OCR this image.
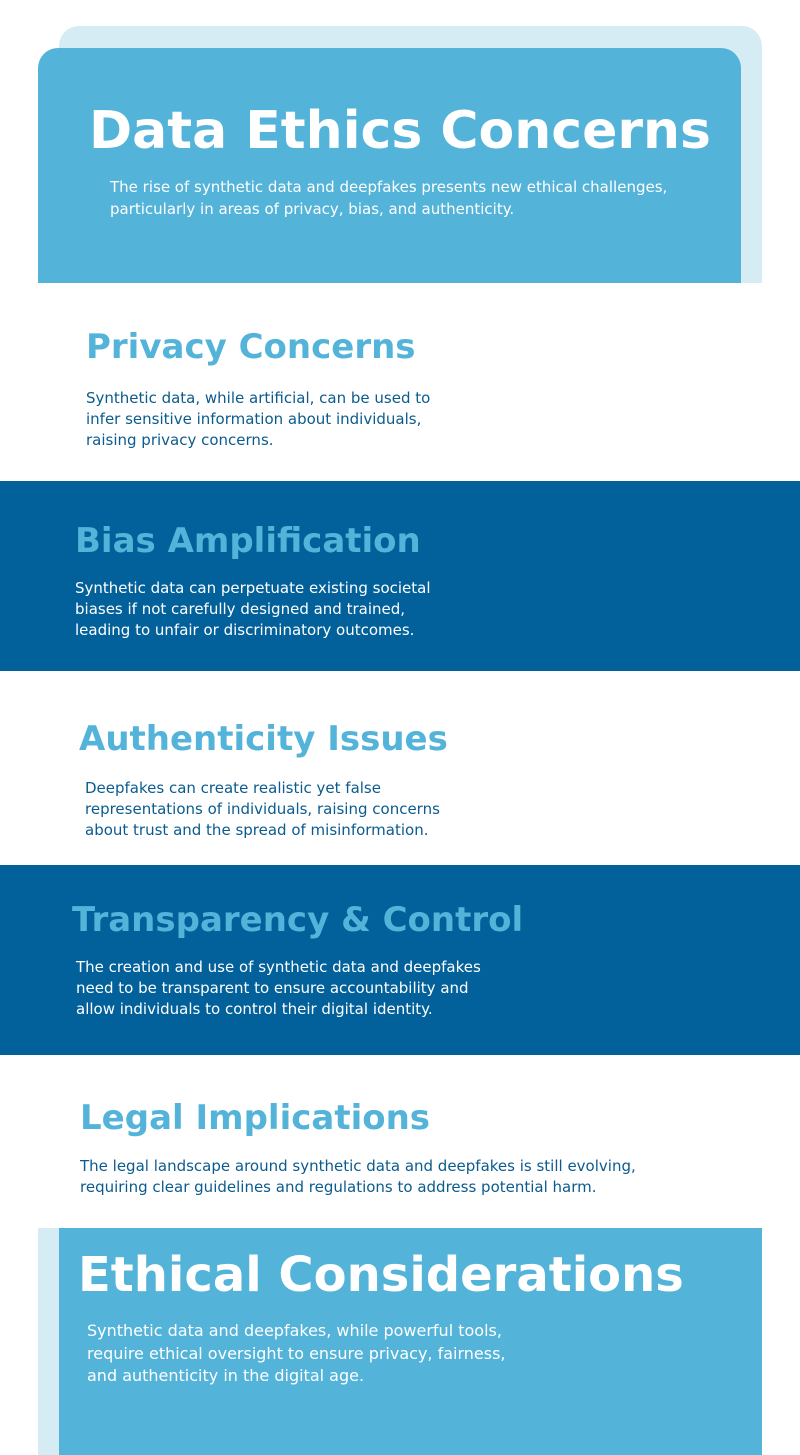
Data Ethics Concerns
The rise of synthetic data and deepfakes presents new ethical challenges, particularly in areas of privacy, bias, and authenticity.
Privacy Concerns
Synthetic data, while artificial, can be used to infer sensitive information about individuals, raising privacy concerns.
Bias Amplification
Synthetic data can perpetuate existing societal biases if not carefully designed and trained, leading to unfair or discriminatory outcomes.
Authenticity Issues
Deepfakes can create realistic yet false representations of individuals, raising concerns about trust and the spread of misinformation.
Transparency & Control
The creation and use of synthetic data and deepfakes need to be transparent to ensure accountability and allow individuals to control their digital identity.
Legal Implications
The legal landscape around synthetic data and deepfakes is still evolving, requiring clear guidelines and regulations to address potential harm.
Ethical Considerations
Synthetic data and deepfakes, while powerful tools, require ethical oversight to ensure privacy, fairness, and authenticity in the digital age.
